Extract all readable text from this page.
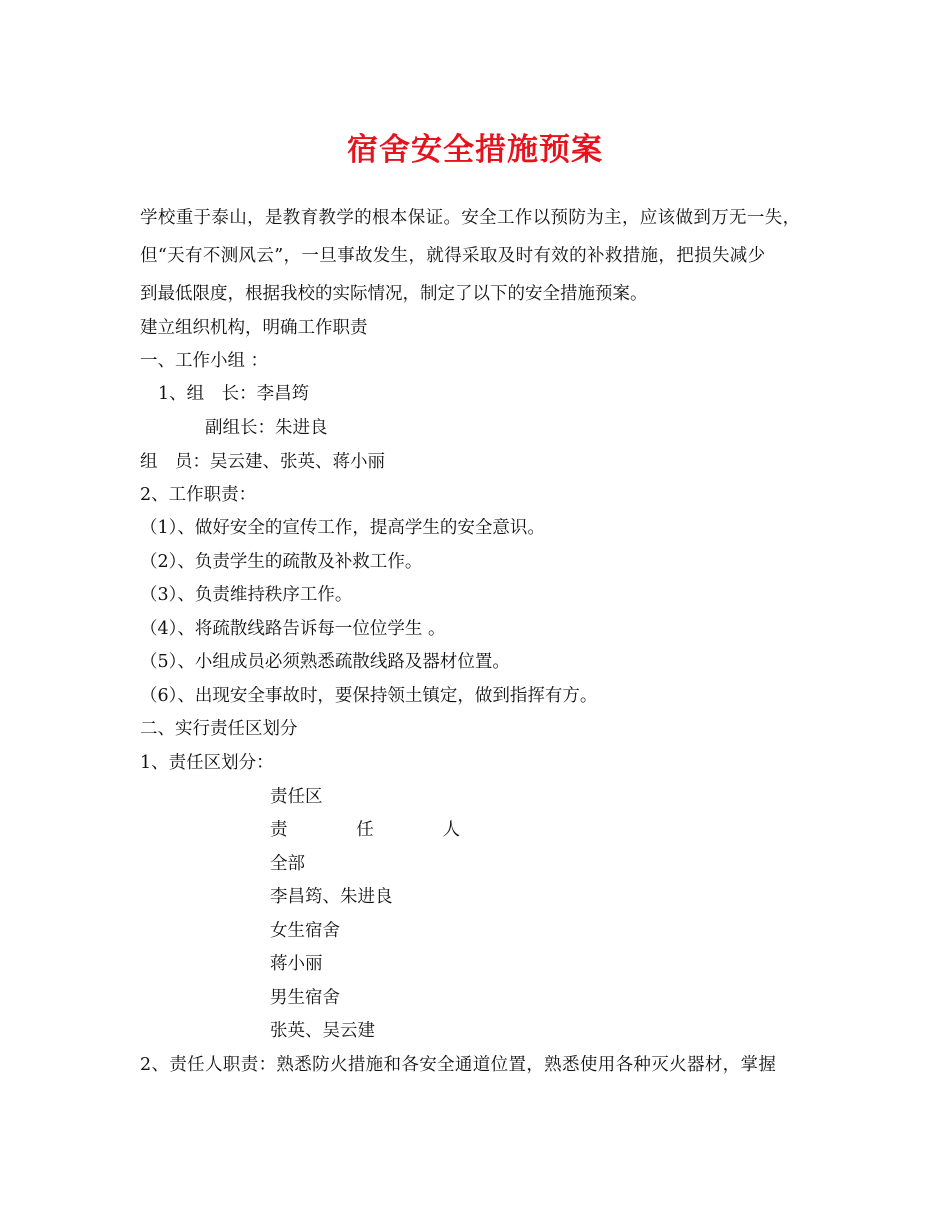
宿舍安全措施预案
学校重于泰山，是教育教学的根本保证。安全工作以预防为主，应该做到万无一失，
但“天有不测风云”，一旦事故发生，就得采取及时有效的补救措施，把损失减少
到最低限度，根据我校的实际情况，制定了以下的安全措施预案。
建立组织机构，明确工作职责
一、工作小组 ：
1、组　长：李昌筠
副组长：朱进良
组　员：吴云建、张英、蒋小丽
2、工作职责：
（1）、做好安全的宣传工作，提高学生的安全意识。
（2）、负责学生的疏散及补救工作。
（3）、负责维持秩序工作。
（4）、将疏散线路告诉每一位位学生 。
（5）、小组成员必须熟悉疏散线路及器材位置。
（6）、出现安全事故时，要保持领土镇定，做到指挥有方。
二、实行责任区划分
1、责任区划分：
责任区
责	任	人
全部
李昌筠、朱进良
女生宿舍
蒋小丽
男生宿舍
张英、吴云建
2、责任人职责：熟悉防火措施和各安全通道位置，熟悉使用各种灭火器材，掌握
